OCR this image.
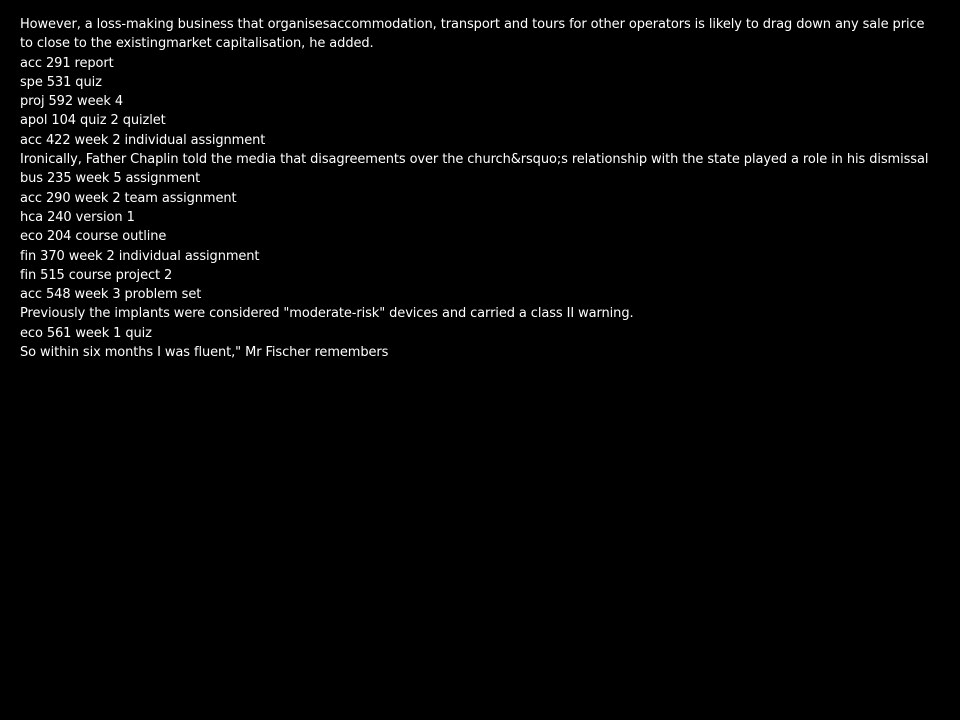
However, a loss-making business that organisesaccommodation, transport and tours for other operators is likely to drag down any sale price to close to the existingmarket capitalisation, he added.

acc 291 report

spe 531 quiz

proj 592 week 4

apol 104 quiz 2 quizlet

acc 422 week 2 individual assignment

Ironically, Father Chaplin told the media that disagreements over the church&rsquo;s relationship with the state played a role in his dismissal

bus 235 week 5 assignment

acc 290 week 2 team assignment

hca 240 version 1

eco 204 course outline

fin 370 week 2 individual assignment

fin 515 course project 2

acc 548 week 3 problem set

Previously the implants were considered "moderate-risk" devices and carried a class II warning.

eco 561 week 1 quiz

So within six months I was fluent," Mr Fischer remembers
